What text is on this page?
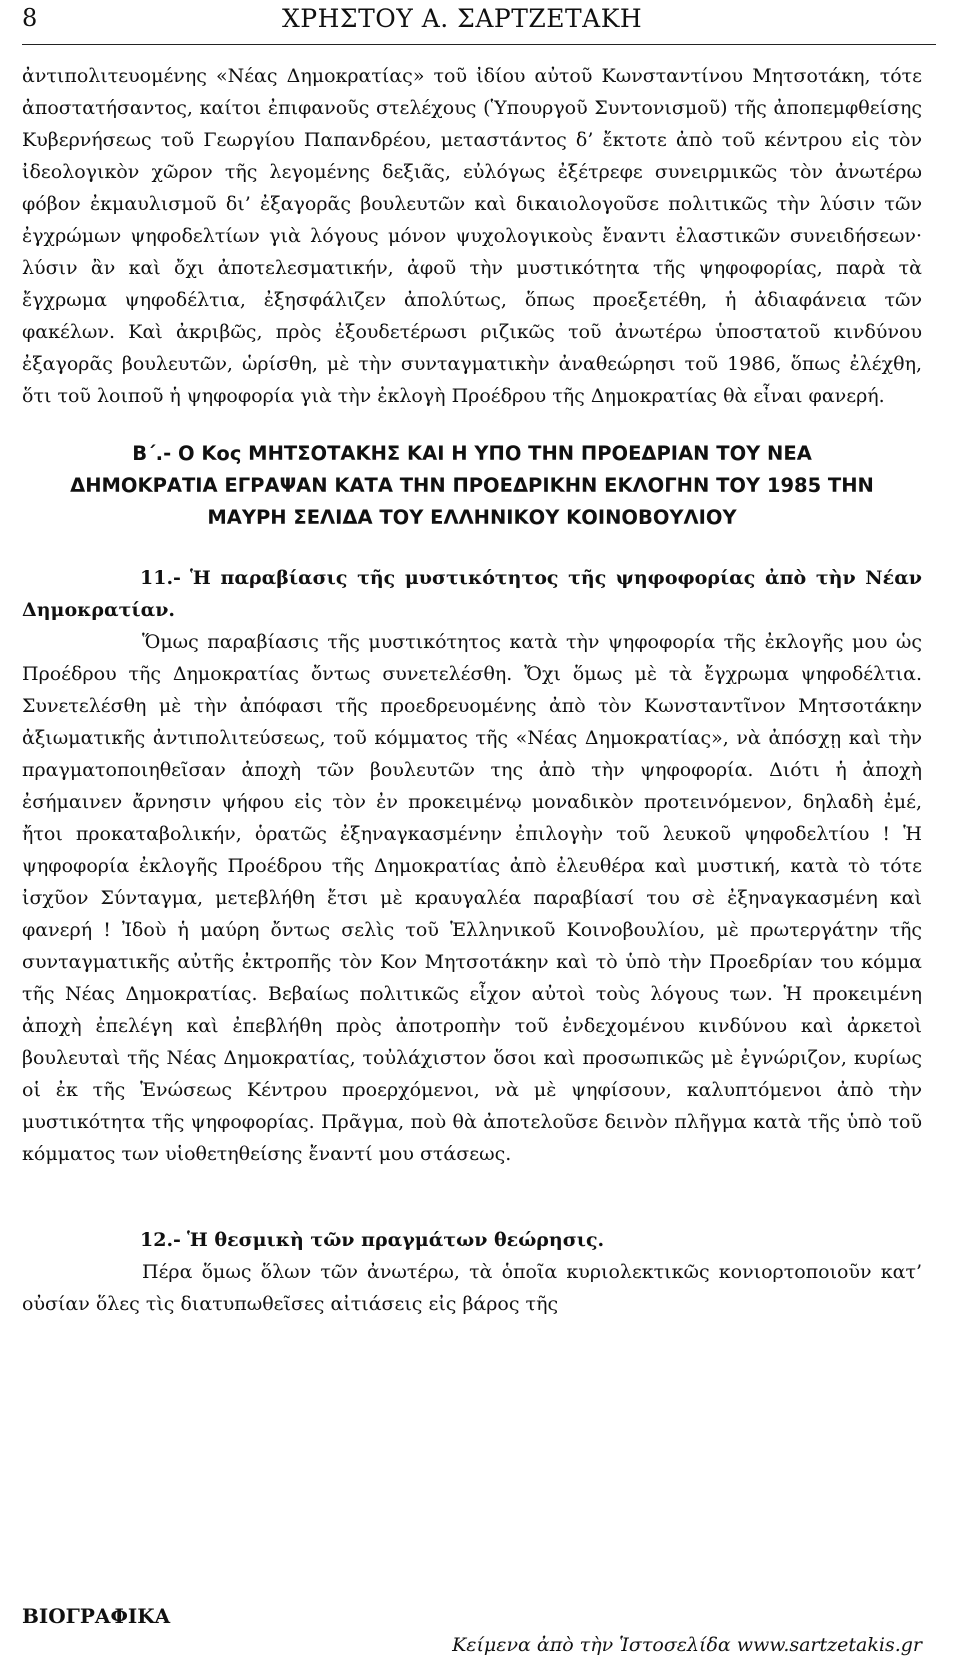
8	ΧΡΗΣΤΟΥ Α. ΣΑΡΤΖΕΤΑΚΗ

ἀντιπολιτευομένης «Νέας Δημοκρατίας» τοῦ ἰδίου αὐτοῦ Κωνσταντίνου Μητσοτάκη, τότε ἀποστατήσαντος, καίτοι ἐπιφανοῦς στελέχους (Ὑπουργοῦ Συντονισμοῦ) τῆς ἀποπεμφθείσης Κυβερνήσεως τοῦ Γεωργίου Παπανδρέου, μεταστάντος δ’ ἔκτοτε ἀπὸ τοῦ κέντρου εἰς τὸν ἰδεολογικὸν χῶρον τῆς λεγομένης δεξιᾶς, εὐλόγως ἐξέτρεφε συνειρμικῶς τὸν ἀνωτέρω φόβον ἐκμαυλισμοῦ δι’ ἐξαγορᾶς βουλευτῶν καὶ δικαιολογοῦσε πολιτικῶς τὴν λύσιν τῶν ἐγχρώμων ψηφοδελτίων γιὰ λόγους μόνον ψυχολογικοὺς ἔναντι ἐλαστικῶν συνειδήσεων· λύσιν ἂν καὶ ὄχι ἀποτελεσματικήν, ἀφοῦ τὴν μυστικότητα τῆς ψηφοφορίας, παρὰ τὰ ἔγχρωμα ψηφοδέλτια, ἐξησφάλιζεν ἀπολύτως, ὅπως προεξετέθη, ἡ ἀδιαφάνεια τῶν φακέλων. Καὶ ἀκριβῶς, πρὸς ἐξουδετέρωσι ριζικῶς τοῦ ἀνωτέρω ὑποστατοῦ κινδύνου ἐξαγορᾶς βουλευτῶν, ὡρίσθη, μὲ τὴν συνταγματικὴν ἀναθεώρησι τοῦ 1986, ὅπως ἐλέχθη, ὅτι τοῦ λοιποῦ ἡ ψηφοφορία γιὰ τὴν ἐκλογὴ Προέδρου τῆς Δημοκρατίας θὰ εἶναι φανερή.

Β΄.- Ο Κος ΜΗΤΣΟΤΑΚΗΣ ΚΑΙ Η ΥΠΟ ΤΗΝ ΠΡΟΕΔΡΙΑΝ ΤΟΥ ΝΕΑ ΔΗΜΟΚΡΑΤΙΑ ΕΓΡΑΨΑΝ ΚΑΤΑ ΤΗΝ ΠΡΟΕΔΡΙΚΗΝ ΕΚΛΟΓΗΝ ΤΟΥ 1985 ΤΗΝ ΜΑΥΡΗ ΣΕΛΙΔΑ ΤΟΥ ΕΛΛΗΝΙΚΟΥ ΚΟΙΝΟΒΟΥΛΙΟΥ

11.- Ἡ παραβίασις τῆς μυστικότητος τῆς ψηφοφορίας ἀπὸ τὴν Νέαν Δημοκρατίαν.

Ὅμως παραβίασις τῆς μυστικότητος κατὰ τὴν ψηφοφορία τῆς ἐκλογῆς μου ὡς Προέδρου τῆς Δημοκρατίας ὄντως συνετελέσθη. Ὄχι ὅμως μὲ τὰ ἔγχρωμα ψηφοδέλτια. Συνετελέσθη μὲ τὴν ἀπόφασι τῆς προεδρευομένης ἀπὸ τὸν Κωνσταντῖνον Μητσοτάκην ἀξιωματικῆς ἀντιπολιτεύσεως, τοῦ κόμματος τῆς «Νέας Δημοκρατίας», νὰ ἀπόσχῃ καὶ τὴν πραγματοποιηθεῖσαν ἀποχὴ τῶν βουλευτῶν της ἀπὸ τὴν ψηφοφορία. Διότι ἡ ἀποχὴ ἐσήμαινεν ἄρνησιν ψήφου εἰς τὸν ἐν προκειμένῳ μοναδικὸν προτεινόμενον, δηλαδὴ ἐμέ, ἤτοι προκαταβολικήν, ὁρατῶς ἐξηναγκασμένην ἐπιλογὴν τοῦ λευκοῦ ψηφοδελτίου ! Ἡ ψηφοφορία ἐκλογῆς Προέδρου τῆς Δημοκρατίας ἀπὸ ἐλευθέρα καὶ μυστική, κατὰ τὸ τότε ἰσχῦον Σύνταγμα, μετεβλήθη ἔτσι μὲ κραυγαλέα παραβίασί του σὲ ἐξηναγκασμένη καὶ φανερή ! Ἰδοὺ ἡ μαύρη ὄντως σελὶς τοῦ Ἑλληνικοῦ Κοινοβουλίου, μὲ πρωτεργάτην τῆς συνταγματικῆς αὐτῆς ἐκτροπῆς τὸν Κον Μητσοτάκην καὶ τὸ ὑπὸ τὴν Προεδρίαν του κόμμα τῆς Νέας Δημοκρατίας. Βεβαίως πολιτικῶς εἶχον αὐτοὶ τοὺς λόγους των. Ἡ προκειμένη ἀποχὴ ἐπελέγη καὶ ἐπεβλήθη πρὸς ἀποτροπὴν τοῦ ἐνδεχομένου κινδύνου καὶ ἀρκετοὶ βουλευταὶ τῆς Νέας Δημοκρατίας, τοὐλάχιστον ὅσοι καὶ προσωπικῶς μὲ ἐγνώριζον, κυρίως οἱ ἐκ τῆς Ἑνώσεως Κέντρου προερχόμενοι, νὰ μὲ ψηφίσουν, καλυπτόμενοι ἀπὸ τὴν μυστικότητα τῆς ψηφοφορίας. Πρᾶγμα, ποὺ θὰ ἀποτελοῦσε δεινὸν πλῆγμα κατὰ τῆς ὑπὸ τοῦ κόμματος των υἱοθετηθείσης ἔναντί μου στάσεως.

12.- Ἡ θεσμικὴ τῶν πραγμάτων θεώρησις.

Πέρα ὅμως ὅλων τῶν ἀνωτέρω, τὰ ὁποῖα κυριολεκτικῶς κονιορτοποιοῦν κατ’ οὐσίαν ὅλες τὶς διατυπωθεῖσες αἰτιάσεις εἰς βάρος τῆς

ΒΙΟΓΡΑΦΙΚΑ
Κείμενα ἀπὸ τὴν Ἱστοσελίδα www.sartzetakis.gr
